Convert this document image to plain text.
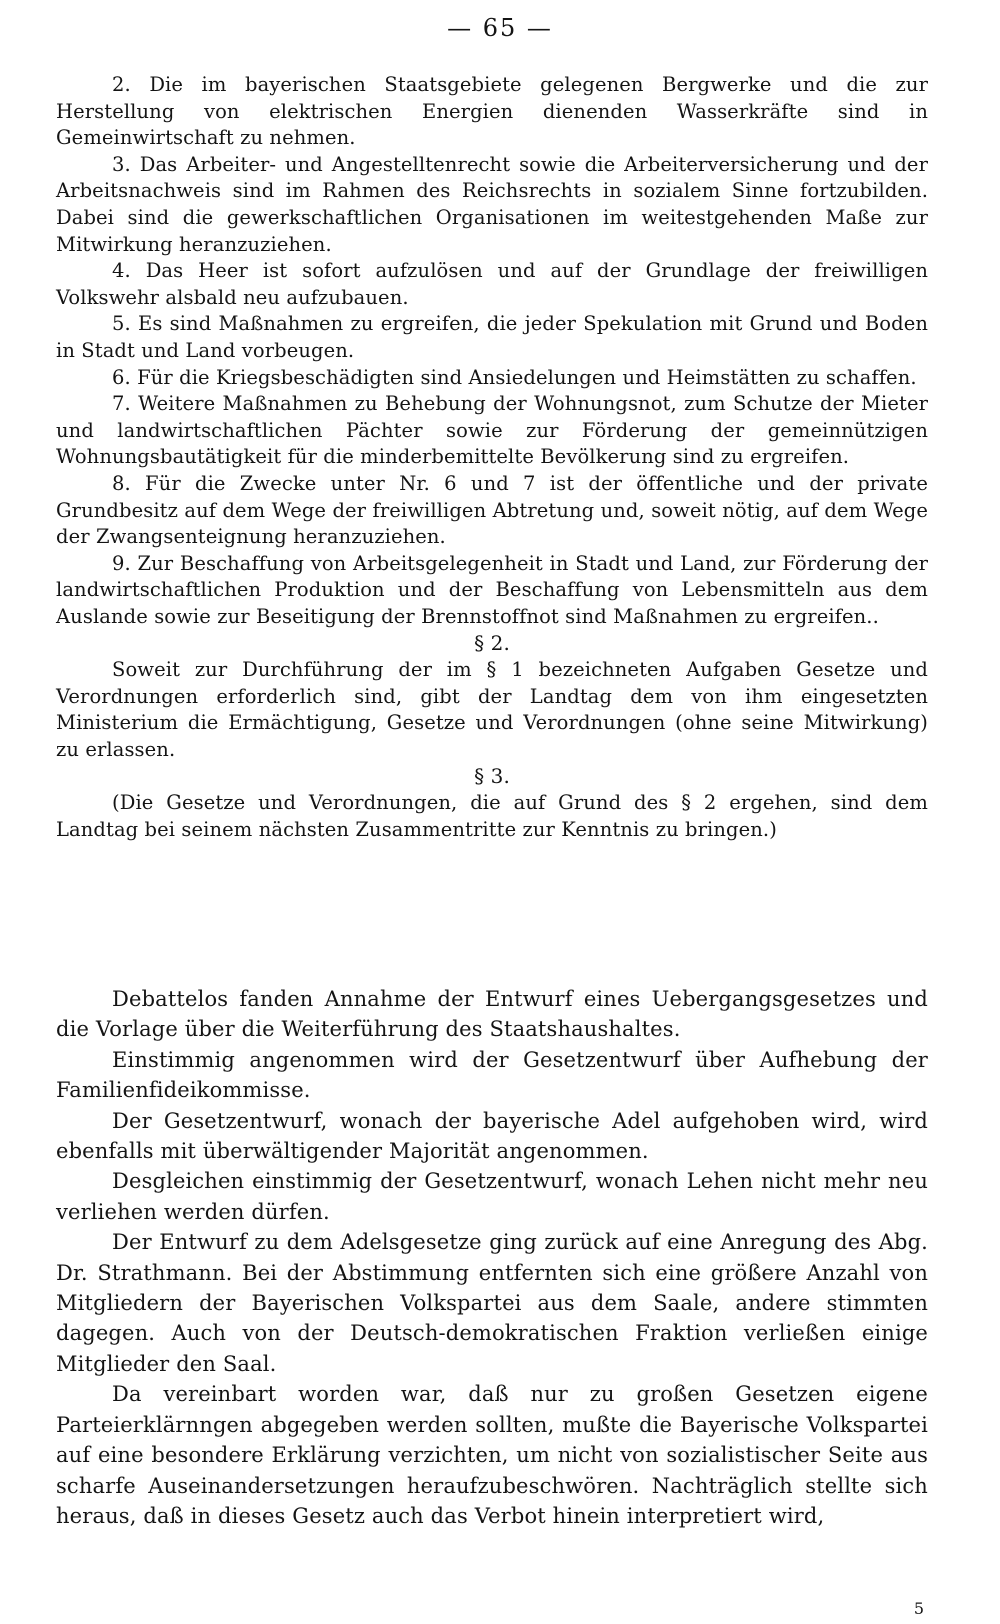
— 65 —

2. Die im bayerischen Staatsgebiete gelegenen Bergwerke und die zur Herstellung von elektrischen Energien dienenden Wasserkräfte sind in Gemeinwirtschaft zu nehmen.

3. Das Arbeiter- und Angestelltenrecht sowie die Arbeiterversicherung und der Arbeitsnachweis sind im Rahmen des Reichsrechts in sozialem Sinne fortzubilden. Dabei sind die gewerkschaftlichen Organisationen im weitestgehenden Maße zur Mitwirkung heranzuziehen.

4. Das Heer ist sofort aufzulösen und auf der Grundlage der freiwilligen Volkswehr alsbald neu aufzubauen.

5. Es sind Maßnahmen zu ergreifen, die jeder Spekulation mit Grund und Boden in Stadt und Land vorbeugen.

6. Für die Kriegsbeschädigten sind Ansiedelungen und Heimstätten zu schaffen.

7. Weitere Maßnahmen zu Behebung der Wohnungsnot, zum Schutze der Mieter und landwirtschaftlichen Pächter sowie zur Förderung der gemeinnützigen Wohnungsbautätigkeit für die minderbemittelte Bevölkerung sind zu ergreifen.

8. Für die Zwecke unter Nr. 6 und 7 ist der öffentliche und der private Grundbesitz auf dem Wege der freiwilligen Abtretung und, soweit nötig, auf dem Wege der Zwangsenteignung heranzuziehen.

9. Zur Beschaffung von Arbeitsgelegenheit in Stadt und Land, zur Förderung der landwirtschaftlichen Produktion und der Beschaffung von Lebensmitteln aus dem Auslande sowie zur Beseitigung der Brennstoffnot sind Maßnahmen zu ergreifen..

§ 2.

Soweit zur Durchführung der im § 1 bezeichneten Aufgaben Gesetze und Verordnungen erforderlich sind, gibt der Landtag dem von ihm eingesetzten Ministerium die Ermächtigung, Gesetze und Verordnungen (ohne seine Mitwirkung) zu erlassen.

§ 3.

(Die Gesetze und Verordnungen, die auf Grund des § 2 ergehen, sind dem Landtag bei seinem nächsten Zusammentritte zur Kenntnis zu bringen.)

Debattelos fanden Annahme der Entwurf eines Uebergangsgesetzes und die Vorlage über die Weiterführung des Staatshaushaltes.

Einstimmig angenommen wird der Gesetzentwurf über Aufhebung der Familienfideikommisse.

Der Gesetzentwurf, wonach der bayerische Adel aufgehoben wird, wird ebenfalls mit überwältigender Majorität angenommen.

Desgleichen einstimmig der Gesetzentwurf, wonach Lehen nicht mehr neu verliehen werden dürfen.

Der Entwurf zu dem Adelsgesetze ging zurück auf eine Anregung des Abg. Dr. Strathmann. Bei der Abstimmung entfernten sich eine größere Anzahl von Mitgliedern der Bayerischen Volkspartei aus dem Saale, andere stimmten dagegen. Auch von der Deutsch-demokratischen Fraktion verließen einige Mitglieder den Saal.

Da vereinbart worden war, daß nur zu großen Gesetzen eigene Parteierklärnngen abgegeben werden sollten, mußte die Bayerische Volkspartei auf eine besondere Erklärung verzichten, um nicht von sozialistischer Seite aus scharfe Auseinandersetzungen heraufzubeschwören. Nachträglich stellte sich heraus, daß in dieses Gesetz auch das Verbot hinein interpretiert wird,

5
